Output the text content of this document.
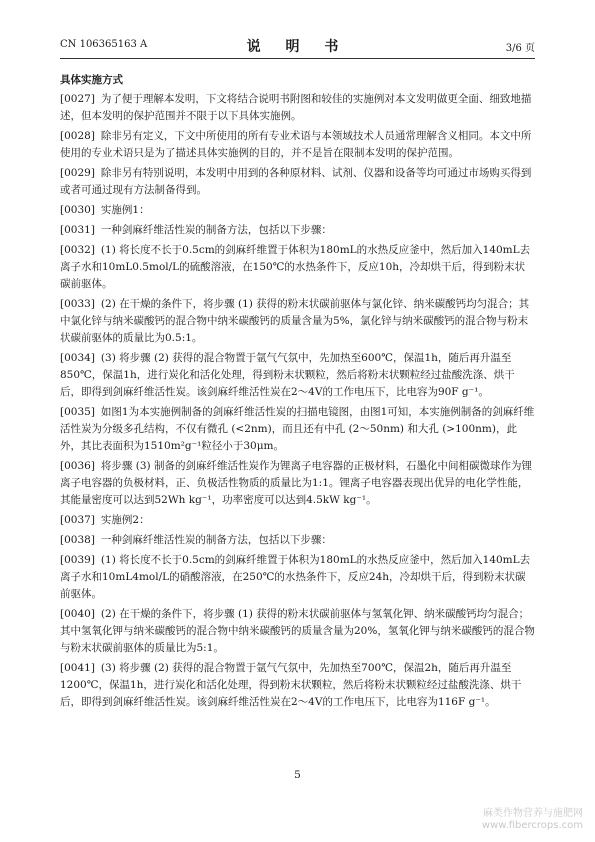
CN 106365163 A	说 明 书	3/6 页
具体实施方式
[0027] 为了便于理解本发明，下文将结合说明书附图和较佳的实施例对本文发明做更全面、细致地描述，但本发明的保护范围并不限于以下具体实施例。
[0028] 除非另有定义，下文中所使用的所有专业术语与本领域技术人员通常理解含义相同。本文中所使用的专业术语只是为了描述具体实施例的目的，并不是旨在限制本发明的保护范围。
[0029] 除非另有特别说明，本发明中用到的各种原材料、试剂、仪器和设备等均可通过市场购买得到或者可通过现有方法制备得到。
[0030] 实施例1：
[0031] 一种剑麻纤维活性炭的制备方法，包括以下步骤：
[0032] (1) 将长度不长于0.5cm的剑麻纤维置于体积为180mL的水热反应釜中，然后加入140mL去离子水和10mL0.5mol/L的硫酸溶液，在150℃的水热条件下，反应10h，冷却烘干后，得到粉末状碳前驱体。
[0033] (2) 在干燥的条件下，将步骤 (1) 获得的粉末状碳前驱体与氯化锌、纳米碳酸钙均匀混合；其中氯化锌与纳米碳酸钙的混合物中纳米碳酸钙的质量含量为5%，氯化锌与纳米碳酸钙的混合物与粉末状碳前驱体的质量比为0.5:1。
[0034] (3) 将步骤 (2) 获得的混合物置于氩气气氛中，先加热至600℃，保温1h，随后再升温至850℃，保温1h，进行炭化和活化处理，得到粉末状颗粒，然后将粉末状颗粒经过盐酸洗涤、烘干后，即得到剑麻纤维活性炭。该剑麻纤维活性炭在2～4V的工作电压下，比电容为90F g⁻¹。
[0035] 如图1为本实施例制备的剑麻纤维活性炭的扫描电镜图，由图1可知，本实施例制备的剑麻纤维活性炭为分级多孔结构，不仅有微孔 (<2nm)，而且还有中孔 (2～50nm) 和大孔 (>100nm)，此外，其比表面积为1510m²g⁻¹粒径小于30μm。
[0036] 将步骤 (3) 制备的剑麻纤维活性炭作为锂离子电容器的正极材料，石墨化中间相碳微球作为锂离子电容器的负极材料，正、负极活性物质的质量比为1:1。锂离子电容器表现出优异的电化学性能，其能量密度可以达到52Wh kg⁻¹，功率密度可以达到4.5kW kg⁻¹。
[0037] 实施例2：
[0038] 一种剑麻纤维活性炭的制备方法，包括以下步骤：
[0039] (1) 将长度不长于0.5cm的剑麻纤维置于体积为180mL的水热反应釜中，然后加入140mL去离子水和10mL4mol/L的硝酸溶液，在250℃的水热条件下，反应24h，冷却烘干后，得到粉末状碳前驱体。
[0040] (2) 在干燥的条件下，将步骤 (1) 获得的粉末状碳前驱体与氢氧化钾、纳米碳酸钙均匀混合；其中氢氧化钾与纳米碳酸钙的混合物中纳米碳酸钙的质量含量为20%，氢氧化钾与纳米碳酸钙的混合物与粉末状碳前驱体的质量比为5:1。
[0041] (3) 将步骤 (2) 获得的混合物置于氩气气氛中，先加热至700℃，保温2h，随后再升温至1200℃，保温1h，进行炭化和活化处理，得到粉末状颗粒，然后将粉末状颗粒经过盐酸洗涤、烘干后，即得到剑麻纤维活性炭。该剑麻纤维活性炭在2～4V的工作电压下，比电容为116F g⁻¹。
5
麻类作物营养与施肥网
www.fibercrops.com
